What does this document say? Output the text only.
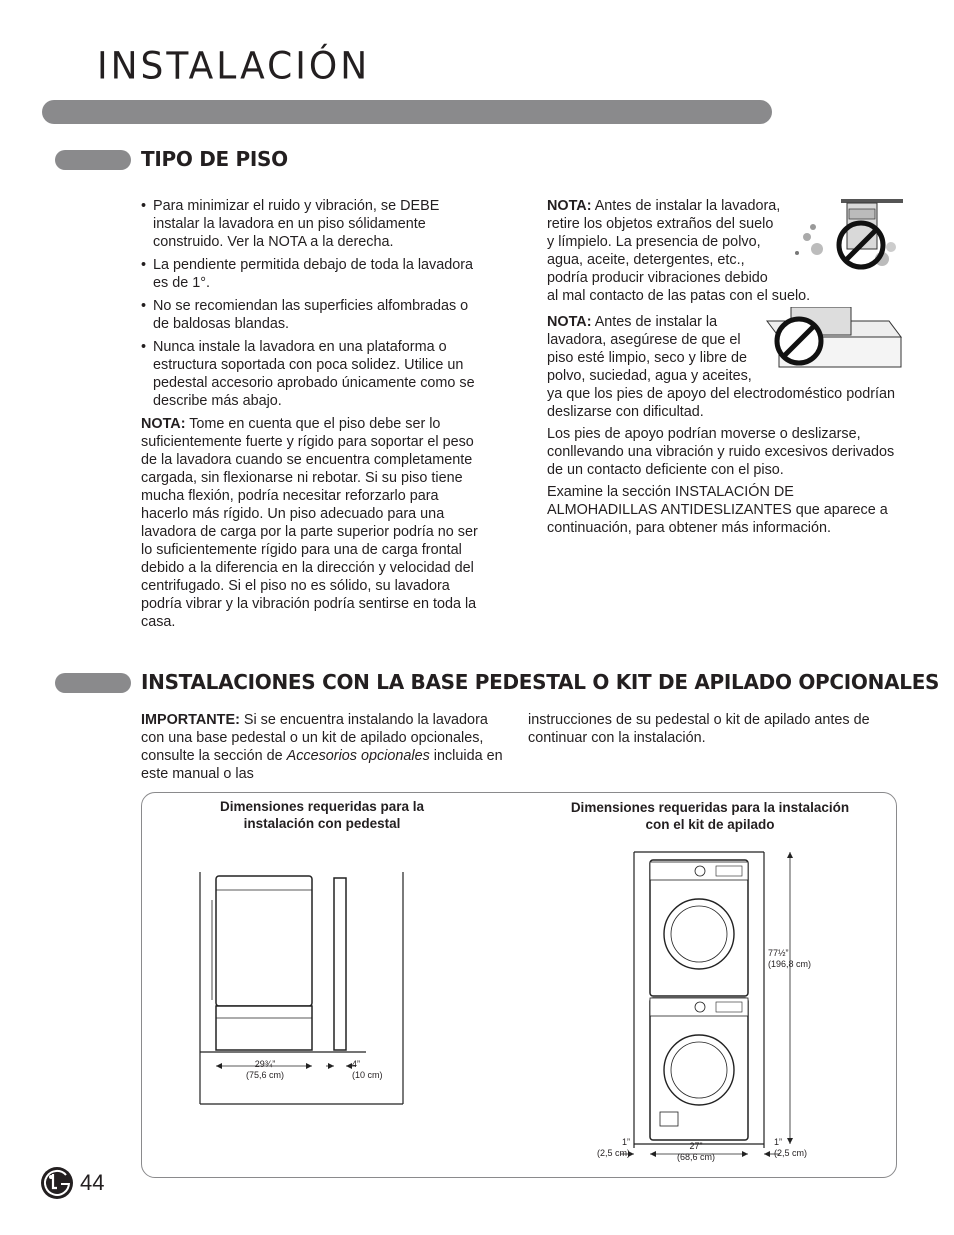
INSTALACIÓN
TIPO DE PISO
• Para minimizar el ruido y vibración, se DEBE instalar la lavadora en un piso sólidamente construido. Ver la NOTA a la derecha.
• La pendiente permitida debajo de toda la lavadora es de 1°.
• No se recomiendan las superficies alfombradas o de baldosas blandas.
• Nunca instale la lavadora en una plataforma o estructura soportada con poca solidez. Utilice un pedestal accesorio aprobado únicamente como se describe más abajo.

NOTA: Tome en cuenta que el piso debe ser lo suficientemente fuerte y rígido para soportar el peso de la lavadora cuando se encuentra completamente cargada, sin flexionarse ni rebotar. Si su piso tiene mucha flexión, podría necesitar reforzarlo para hacerlo más rígido. Un piso adecuado para una lavadora de carga por la parte superior podría no ser lo suficientemente rígido para una de carga frontal debido a la diferencia en la dirección y velocidad del centrifugado. Si el piso no es sólido, su lavadora podría vibrar y la vibración podría sentirse en toda la casa.

NOTA: Antes de instalar la lavadora, retire los objetos extraños del suelo y límpielo. La presencia de polvo, agua, aceite, detergentes, etc., podría producir vibraciones debido al mal contacto de las patas con el suelo.

NOTA: Antes de instalar la lavadora, asegúrese de que el piso esté limpio, seco y libre de polvo, suciedad, agua y aceites, ya que los pies de apoyo del electrodoméstico podrían deslizarse con dificultad.

Los pies de apoyo podrían moverse o deslizarse, conllevando una vibración y ruido excesivos derivados de un contacto deficiente con el piso.

Examine la sección INSTALACIÓN DE ALMOHADILLAS ANTIDESLIZANTES que aparece a continuación, para obtener más información.

INSTALACIONES CON LA BASE PEDESTAL O KIT DE APILADO OPCIONALES

IMPORTANTE: Si se encuentra instalando la lavadora con una base pedestal o un kit de apilado opcionales, consulte la sección de Accesorios opcionales incluida en este manual o las

instrucciones de su pedestal o kit de apilado antes de continuar con la instalación.

Dimensiones requeridas para la instalación con pedestal
Dimensiones requeridas para la instalación con el kit de apilado
29¾”
(75,6 cm)
4”
(10 cm)
77½”
(196,8 cm)
1”
(2,5 cm)
27”
(68,6 cm)
1”
(2,5 cm)
44
